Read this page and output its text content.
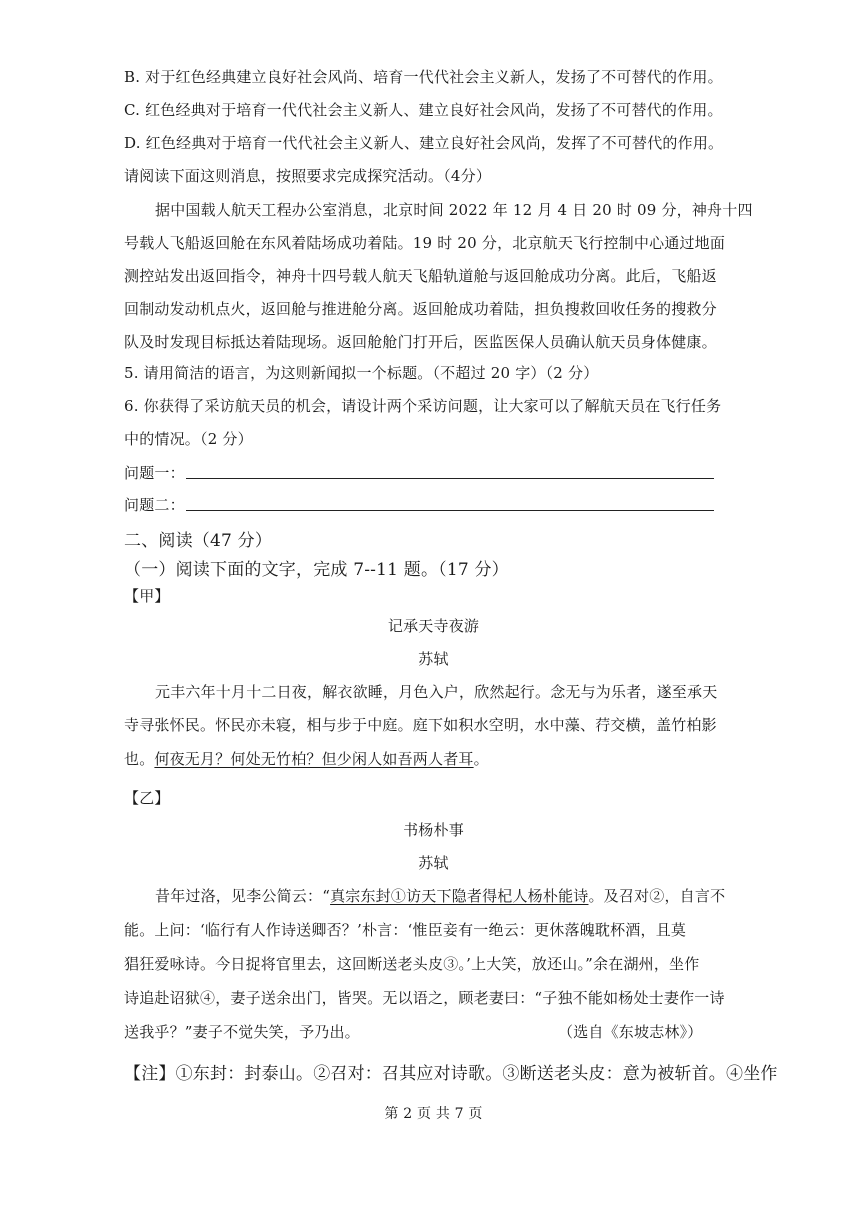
B. 对于红色经典建立良好社会风尚、培育一代代社会主义新人，发扬了不可替代的作用。
C. 红色经典对于培育一代代社会主义新人、建立良好社会风尚，发扬了不可替代的作用。
D. 红色经典对于培育一代代社会主义新人、建立良好社会风尚，发挥了不可替代的作用。
请阅读下面这则消息，按照要求完成探究活动。（4分）
据中国载人航天工程办公室消息，北京时间 2022 年 12 月 4 日 20 时 09 分，神舟十四
号载人飞船返回舱在东风着陆场成功着陆。19 时 20 分，北京航天飞行控制中心通过地面
测控站发出返回指令，神舟十四号载人航天飞船轨道舱与返回舱成功分离。此后，飞船返
回制动发动机点火，返回舱与推进舱分离。返回舱成功着陆，担负搜救回收任务的搜救分
队及时发现目标抵达着陆现场。返回舱舱门打开后，医监医保人员确认航天员身体健康。
5. 请用简洁的语言，为这则新闻拟一个标题。（不超过 20 字）（2 分）
6. 你获得了采访航天员的机会，请设计两个采访问题，让大家可以了解航天员在飞行任务
中的情况。（2 分）
问题一：
问题二：
二、阅读（47 分）
（一）阅读下面的文字，完成 7--11 题。（17 分）
【甲】
记承天寺夜游
苏轼
元丰六年十月十二日夜，解衣欲睡，月色入户，欣然起行。念无与为乐者，遂至承天
寺寻张怀民。怀民亦未寝，相与步于中庭。庭下如积水空明，水中藻、荇交横，盖竹柏影
也。何夜无月？何处无竹柏？但少闲人如吾两人者耳。
【乙】
书杨朴事
苏轼
昔年过洛，见李公简云：“真宗东封①访天下隐者得杞人杨朴能诗。及召对②，自言不
能。上问：‘临行有人作诗送卿否？’朴言：‘惟臣妾有一绝云：更休落魄耽杯酒，且莫
猖狂爱咏诗。今日捉将官里去，这回断送老头皮③。’上大笑，放还山。”余在湖州，坐作
诗追赴诏狱④，妻子送余出门，皆哭。无以语之，顾老妻曰：“子独不能如杨处士妻作一诗
送我乎？”妻子不觉失笑，予乃出。	（选自《东坡志林》）
【注】①东封：封泰山。②召对：召其应对诗歌。③断送老头皮：意为被斩首。④坐作
第 2 页 共 7 页
